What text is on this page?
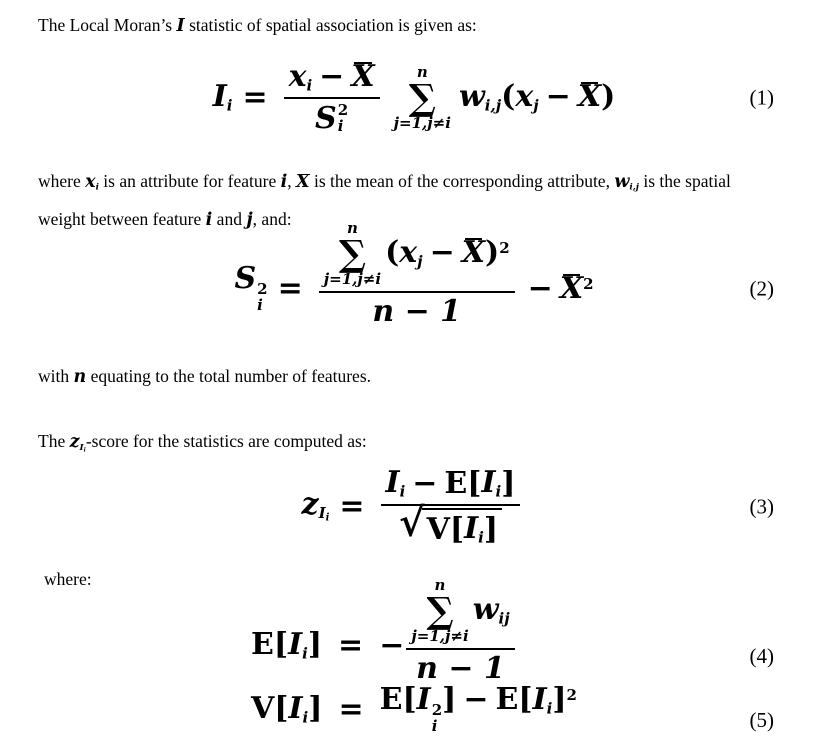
The Local Moran’s I statistic of spatial association is given as:

$I_i = x_i - X$
S 2
i n
∑
j=1,j≠i
$w_{i,j}(x_j - X)$	(1)

where $x_i$ is an attribute for feature i, X is the mean of the corresponding attribute, $w_{i,j}$ is the spatial
weight between feature i and j, and:

S 2
i = n
∑
j=1,j≠i
$(x_j - X)^2$
$n - 1 - X^2$	(2)

with n equating to the total number of features.

The $z_{I_i}$-score for the statistics are computed as:

$z_{I_i} = \frac{I_i - E [ I_i ]}{√ V [ I_i ]}$	(3)

where:

E [ $I_i$ ] = −
n
∑
j=1,j≠i
$w_{ij}$
n − 1
V [ $I_i$ ] = E[I 2
i
] − $E[I_i]^2$
(4)
(5)
